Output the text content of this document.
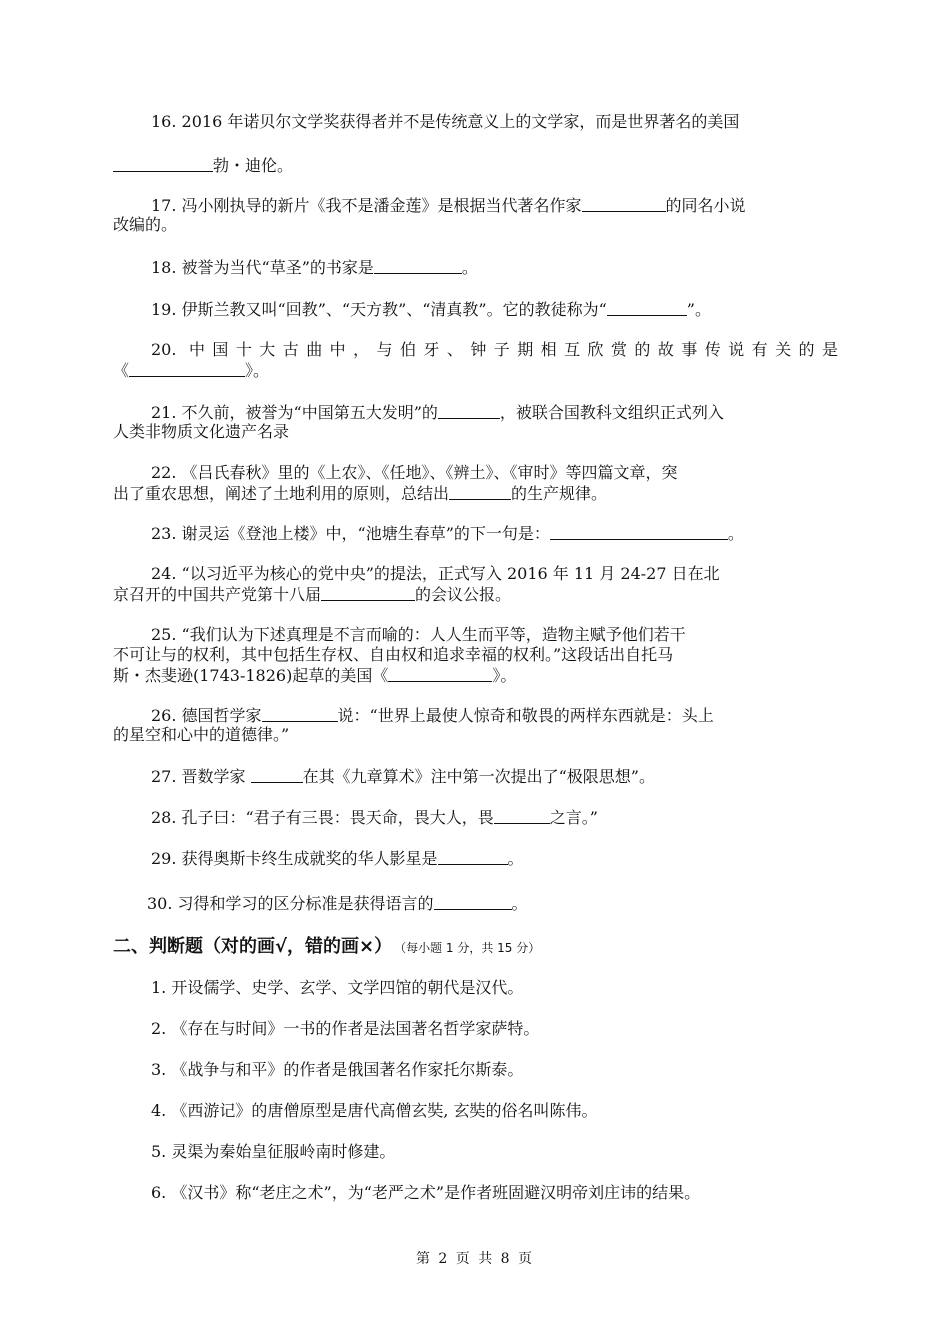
16. 2016 年诺贝尔文学奖获得者并不是传统意义上的文学家，而是世界著名的美国

勃・迪伦。

17. 冯小刚执导的新片《我不是潘金莲》是根据当代著名作家	的同名小说

改编的。

18. 被誉为当代“草圣”的书家是	。

19. 伊斯兰教又叫“回教”、“天方教”、“清真教”。它的教徒称为“	”。

20. 中国十大古曲中，与伯牙、钟子期相互欣赏的故事传说有关的是

《	》。

21. 不久前，被誉为“中国第五大发明”的	，被联合国教科文组织正式列入

人类非物质文化遗产名录

22. 《吕氏春秋》里的《上农》、《任地》、《辨土》、《审时》等四篇文章，突

出了重农思想，阐述了土地利用的原则，总结出	的生产规律。

23. 谢灵运《登池上楼》中，“池塘生春草”的下一句是：	。

24. “以习近平为核心的党中央”的提法，正式写入 2016 年 11 月 24-27 日在北

京召开的中国共产党第十八届	的会议公报。

25. “我们认为下述真理是不言而喻的：人人生而平等，造物主赋予他们若干

不可让与的权利，其中包括生存权、自由权和追求幸福的权利。”这段话出自托马

斯・杰斐逊(1743-1826)起草的美国《	》。

26. 德国哲学家	说：“世界上最使人惊奇和敬畏的两样东西就是：头上

的星空和心中的道德律。”

27. 晋数学家	在其《九章算术》注中第一次提出了“极限思想”。

28. 孔子曰：“君子有三畏：畏天命，畏大人，畏	之言。”

29. 获得奥斯卡终生成就奖的华人影星是	。

30. 习得和学习的区分标准是获得语言的	。

二、判断题（对的画√，错的画×） （每小题 1 分，共 15 分）

1. 开设儒学、史学、玄学、文学四馆的朝代是汉代。

2. 《存在与时间》一书的作者是法国著名哲学家萨特。

3. 《战争与和平》的作者是俄国著名作家托尔斯泰。

4. 《西游记》的唐僧原型是唐代高僧玄奘, 玄奘的俗名叫陈伟。

5. 灵渠为秦始皇征服岭南时修建。

6. 《汉书》称“老庄之术”，为“老严之术”是作者班固避汉明帝刘庄讳的结果。

第 2 页 共 8 页
